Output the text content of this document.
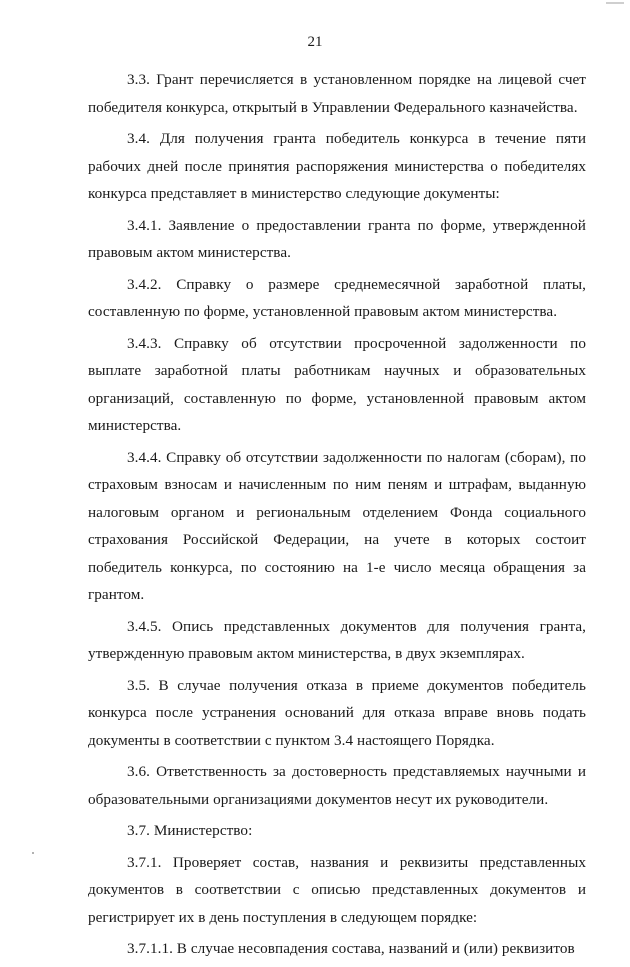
21

3.3. Грант перечисляется в установленном порядке на лицевой счет победителя конкурса, открытый в Управлении Федерального казначейства.

3.4. Для получения гранта победитель конкурса в течение пяти рабочих дней после принятия распоряжения министерства о победителях конкурса представляет в министерство следующие документы:

3.4.1. Заявление о предоставлении гранта по форме, утвержденной правовым актом министерства.

3.4.2. Справку о размере среднемесячной заработной платы, составленную по форме, установленной правовым актом министерства.

3.4.3. Справку об отсутствии просроченной задолженности по выплате заработной платы работникам научных и образовательных организаций, составленную по форме, установленной правовым актом министерства.

3.4.4. Справку об отсутствии задолженности по налогам (сборам), по страховым взносам и начисленным по ним пеням и штрафам, выданную налоговым органом и региональным отделением Фонда социального страхования Российской Федерации, на учете в которых состоит победитель конкурса, по состоянию на 1-е число месяца обращения за грантом.

3.4.5. Опись представленных документов для получения гранта, утвержденную правовым актом министерства, в двух экземплярах.

3.5. В случае получения отказа в приеме документов победитель конкурса после устранения оснований для отказа вправе вновь подать документы в соответствии с пунктом 3.4 настоящего Порядка.

3.6. Ответственность за достоверность представляемых научными и образовательными организациями документов несут их руководители.

3.7. Министерство:

3.7.1. Проверяет состав, названия и реквизиты представленных документов в соответствии с описью представленных документов и регистрирует их в день поступления в следующем порядке:

3.7.1.1. В случае несовпадения состава, названий и (или) реквизитов
